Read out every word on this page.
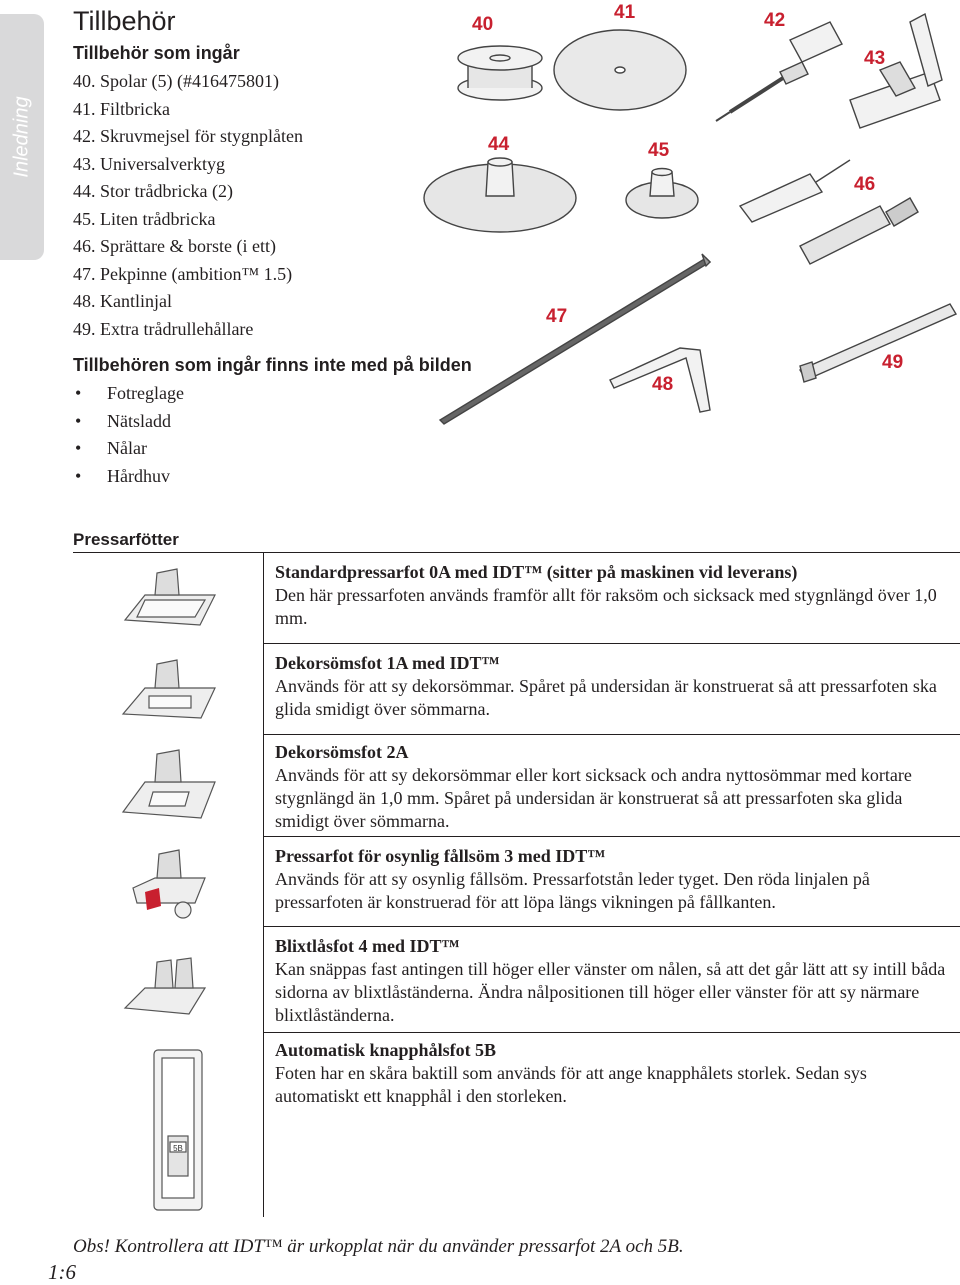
Inledning
Tillbehör
Tillbehör som ingår
40. Spolar (5) (#416475801)
41. Filtbricka
42. Skruvmejsel för stygnplåten
43. Universalverktyg
44. Stor trådbricka (2)
45. Liten trådbricka
46. Sprättare & borste (i ett)
47. Pekpinne (ambition™ 1.5)
48. Kantlinjal
49. Extra trådrullehållare
Tillbehören som ingår finns inte med på bilden
• Fotreglage
• Nätsladd
• Nålar
• Hårdhuv
40
41	42
43
44	45
46
47
48
49
Pressarfötter
Standardpressarfot 0A med IDT™ (sitter på maskinen vid leverans)
Den här pressarfoten används framför allt för raksöm och sicksack med stygnlängd över 1,0 mm.
Dekorsömsfot 1A med IDT™
Används för att sy dekorsömmar. Spåret på undersidan är konstruerat så att pressarfoten ska glida smidigt över sömmarna.
Dekorsömsfot 2A
Används för att sy dekorsömmar eller kort sicksack och andra nyttosömmar med kortare stygnlängd än 1,0 mm. Spåret på undersidan är konstruerat så att pressarfoten ska glida smidigt över sömmarna.
Pressarfot för osynlig fållsöm 3 med IDT™
Används för att sy osynlig fållsöm. Pressarfotstån leder tyget. Den röda linjalen på pressarfoten är konstruerad för att löpa längs vikningen på fållkanten.
Blixtlåsfot 4 med IDT™
Kan snäppas fast antingen till höger eller vänster om nålen, så att det går lätt att sy intill båda sidorna av blixtlåständerna. Ändra nålpositionen till höger eller vänster för att sy närmare blixtlåständerna.
Automatisk knapphålsfot 5B
Foten har en skåra baktill som används för att ange knapphålets storlek. Sedan sys automatiskt ett knapphål i den storleken.
5B
Obs! Kontrollera att IDT™ är urkopplat när du använder pressarfot 2A och 5B.
1:6
